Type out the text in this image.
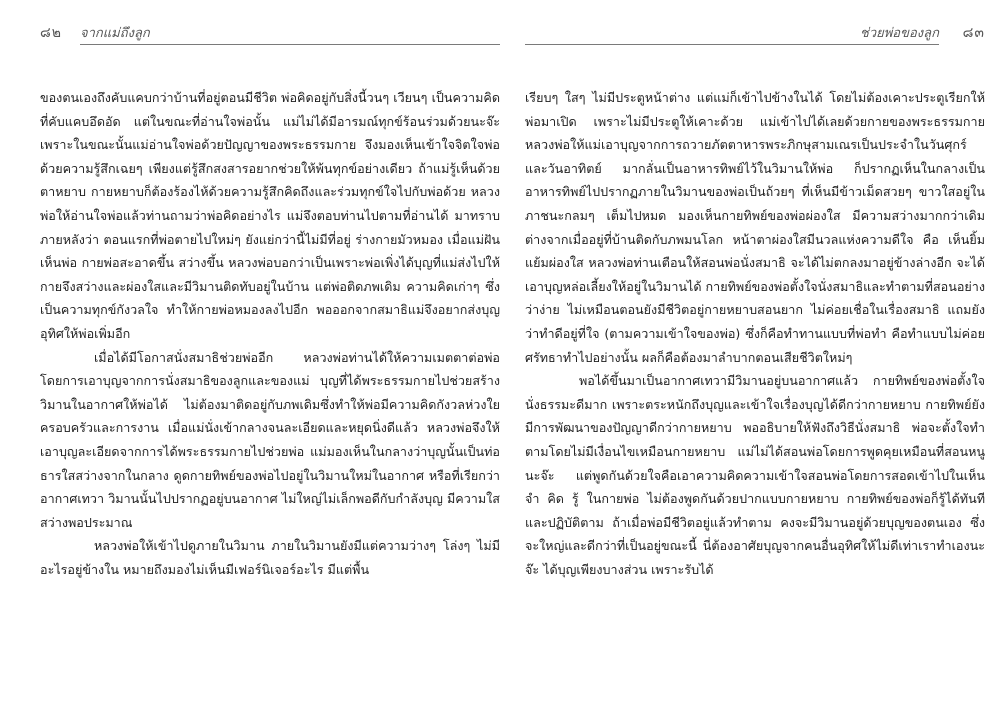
๘๒ จากแม่ถึงลูก

ของตนเองถึงคับแคบกว่าบ้านที่อยู่ตอนมีชีวิต พ่อคิดอยู่กับสิ่งนี้วนๆ เวียนๆ เป็นความคิดที่คับแคบอึดอัด แต่ในขณะที่อ่านใจพ่อนั้น แม่ไม่ได้มีอารมณ์ทุกข์ร้อนร่วมด้วยนะจ๊ะ เพราะในขณะนั้นแม่อ่านใจพ่อด้วยปัญญาของพระธรรมกาย จึงมองเห็นเข้าใจจิตใจพ่อด้วยความรู้สึกเฉยๆ เพียงแต่รู้สึกสงสารอยากช่วยให้พ้นทุกข์อย่างเดียว ถ้าแม่รู้เห็นด้วยตาหยาบ กายหยาบก็ต้องร้องไห้ด้วยความรู้สึกคิดถึงและร่วมทุกข์ใจไปกับพ่อด้วย หลวงพ่อให้อ่านใจพ่อแล้วท่านถามว่าพ่อคิดอย่างไร แม่จึงตอบท่านไปตามที่อ่านได้ มาทราบภายหลังว่า ตอนแรกที่พ่อตายไปใหม่ๆ ยังแย่กว่านี้ไม่มีที่อยู่ ร่างกายมัวหมอง เมื่อแม่ฝันเห็นพ่อ กายพ่อสะอาดขึ้น สว่างขึ้น หลวงพ่อบอกว่าเป็นเพราะพ่อเพิ่งได้บุญที่แม่ส่งไปให้ กายจึงสว่างและผ่องใสและมีวิมานติดทับอยู่ในบ้าน แต่พ่อติดภพเดิม ความคิดเก่าๆ ซึ่งเป็นความทุกข์กังวลใจ ทำให้กายพ่อหมองลงไปอีก พอออกจากสมาธิแม่จึงอยากส่งบุญอุทิศให้พ่อเพิ่มอีก

เมื่อได้มีโอกาสนั่งสมาธิช่วยพ่ออีก หลวงพ่อท่านได้ให้ความเมตตาต่อพ่อ โดยการเอาบุญจากการนั่งสมาธิของลูกและของแม่ บุญที่ได้พระธรรมกายไปช่วยสร้างวิมานในอากาศให้พ่อได้ ไม่ต้องมาติดอยู่กับภพเดิมซึ่งทำให้พ่อมีความคิดกังวลห่วงใยครอบครัวและการงาน เมื่อแม่นั่งเข้ากลางจนละเอียดและหยุดนิ่งดีแล้ว หลวงพ่อจึงให้เอาบุญละเอียดจากการได้พระธรรมกายไปช่วยพ่อ แม่มองเห็นในกลางว่าบุญนั้นเป็นท่อธารใสสว่างจากในกลาง ดูดกายทิพย์ของพ่อไปอยู่ในวิมานใหม่ในอากาศ หรือที่เรียกว่า อากาศเทวา วิมานนั้นไปปรากฏอยู่บนอากาศ ไม่ใหญ่ไม่เล็กพอดีกับกำลังบุญ มีความใสสว่างพอประมาณ

หลวงพ่อให้เข้าไปดูภายในวิมาน ภายในวิมานยังมีแต่ความว่างๆ โล่งๆ ไม่มีอะไรอยู่ข้างใน หมายถึงมองไม่เห็นมีเฟอร์นิเจอร์อะไร มีแต่พื้น

ช่วยพ่อของลูก ๘๓

เรียบๆ ใสๆ ไม่มีประตูหน้าต่าง แต่แม่ก็เข้าไปข้างในได้ โดยไม่ต้องเคาะประตูเรียกให้พ่อมาเปิด เพราะไม่มีประตูให้เคาะด้วย แม่เข้าไปได้เลยด้วยกายของพระธรรมกาย หลวงพ่อให้แม่เอาบุญจากการถวายภัตตาหารพระภิกษุสามเณรเป็นประจำในวันศุกร์และวันอาทิตย์ มากลั่นเป็นอาหารทิพย์ไว้ในวิมานให้พ่อ ก็ปรากฏเห็นในกลางเป็นอาหารทิพย์ไปปรากฏภายในวิมานของพ่อเป็นถ้วยๆ ที่เห็นมีข้าวเม็ดสวยๆ ขาวใสอยู่ในภาชนะกลมๆ เต็มไปหมด มองเห็นกายทิพย์ของพ่อผ่องใส มีความสว่างมากกว่าเดิม ต่างจากเมื่ออยู่ที่บ้านติดกับภพมนโลก หน้าตาผ่องใสมีนวลแห่งความดีใจ คือ เห็นยิ้มแย้มผ่องใส หลวงพ่อท่านเตือนให้สอนพ่อนั่งสมาธิ จะได้ไม่ตกลงมาอยู่ข้างล่างอีก จะได้เอาบุญหล่อเลี้ยงให้อยู่ในวิมานได้ กายทิพย์ของพ่อตั้งใจนั่งสมาธิและทำตามที่สอนอย่างว่าง่าย ไม่เหมือนตอนยังมีชีวิตอยู่กายหยาบสอนยาก ไม่ค่อยเชื่อในเรื่องสมาธิ แถมยังว่าทำดีอยู่ที่ใจ (ตามความเข้าใจของพ่อ) ซึ่งก็คือทำทานแบบที่พ่อทำ คือทำแบบไม่ค่อยศรัทธาทำไปอย่างนั้น ผลก็คือต้องมาลำบากตอนเสียชีวิตใหม่ๆ

พอได้ขึ้นมาเป็นอากาศเทวามีวิมานอยู่บนอากาศแล้ว กายทิพย์ของพ่อตั้งใจนั่งธรรมะดีมาก เพราะตระหนักถึงบุญและเข้าใจเรื่องบุญได้ดีกว่ากายหยาบ กายทิพย์ยังมีการพัฒนาของปัญญาดีกว่ากายหยาบ พออธิบายให้ฟังถึงวิธีนั่งสมาธิ พ่อจะตั้งใจทำตามโดยไม่มีเงื่อนไขเหมือนกายหยาบ แม่ไม่ได้สอนพ่อโดยการพูดคุยเหมือนที่สอนหนูนะจ๊ะ แต่พูดกันด้วยใจคือเอาความคิดความเข้าใจสอนพ่อโดยการสอดเข้าไปในเห็น จำ คิด รู้ ในกายพ่อ ไม่ต้องพูดกันด้วยปากแบบกายหยาบ กายทิพย์ของพ่อก็รู้ได้ทันทีและปฏิบัติตาม ถ้าเมื่อพ่อมีชีวิตอยู่แล้วทำตาม คงจะมีวิมานอยู่ด้วยบุญของตนเอง ซึ่งจะใหญ่และดีกว่าที่เป็นอยู่ขณะนี้ นี่ต้องอาศัยบุญจากคนอื่นอุทิศให้ไม่ดีเท่าเราทำเองนะจ๊ะ ได้บุญเพียงบางส่วน เพราะรับได้
